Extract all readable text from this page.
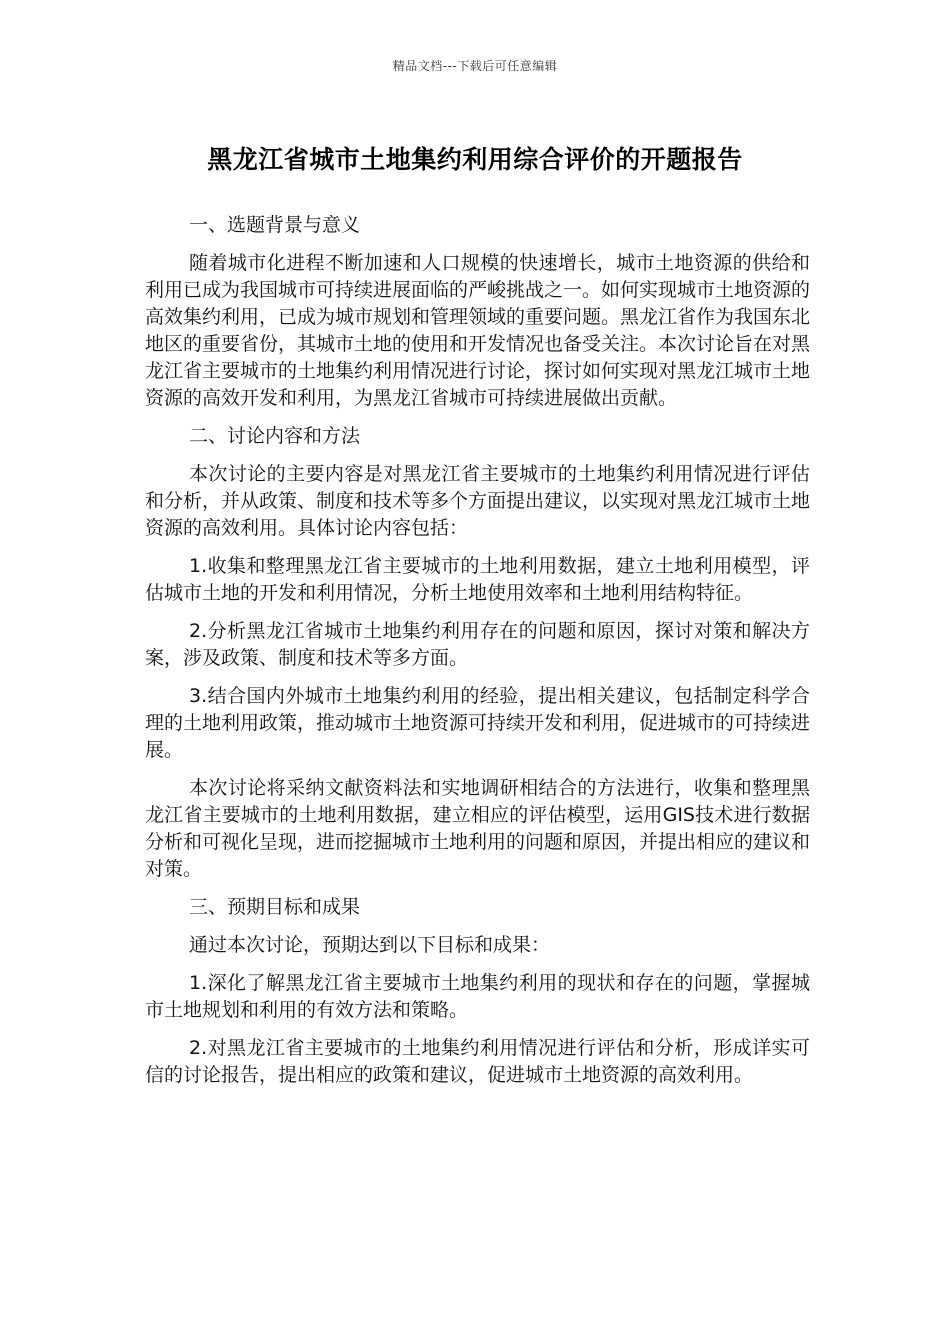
精品文档---下载后可任意编辑
黑龙江省城市土地集约利用综合评价的开题报告

一、选题背景与意义

随着城市化进程不断加速和人口规模的快速增长，城市土地资源的供给和利用已成为我国城市可持续进展面临的严峻挑战之一。如何实现城市土地资源的高效集约利用，已成为城市规划和管理领域的重要问题。黑龙江省作为我国东北地区的重要省份，其城市土地的使用和开发情况也备受关注。本次讨论旨在对黑龙江省主要城市的土地集约利用情况进行讨论，探讨如何实现对黑龙江城市土地资源的高效开发和利用，为黑龙江省城市可持续进展做出贡献。

二、讨论内容和方法

本次讨论的主要内容是对黑龙江省主要城市的土地集约利用情况进行评估和分析，并从政策、制度和技术等多个方面提出建议，以实现对黑龙江城市土地资源的高效利用。具体讨论内容包括：

1.收集和整理黑龙江省主要城市的土地利用数据，建立土地利用模型，评估城市土地的开发和利用情况，分析土地使用效率和土地利用结构特征。

2.分析黑龙江省城市土地集约利用存在的问题和原因，探讨对策和解决方案，涉及政策、制度和技术等多方面。

3.结合国内外城市土地集约利用的经验，提出相关建议，包括制定科学合理的土地利用政策，推动城市土地资源可持续开发和利用，促进城市的可持续进展。

本次讨论将采纳文献资料法和实地调研相结合的方法进行，收集和整理黑龙江省主要城市的土地利用数据，建立相应的评估模型，运用GIS技术进行数据分析和可视化呈现，进而挖掘城市土地利用的问题和原因，并提出相应的建议和对策。

三、预期目标和成果

通过本次讨论，预期达到以下目标和成果：

1.深化了解黑龙江省主要城市土地集约利用的现状和存在的问题，掌握城市土地规划和利用的有效方法和策略。

2.对黑龙江省主要城市的土地集约利用情况进行评估和分析，形成详实可信的讨论报告，提出相应的政策和建议，促进城市土地资源的高效利用。
